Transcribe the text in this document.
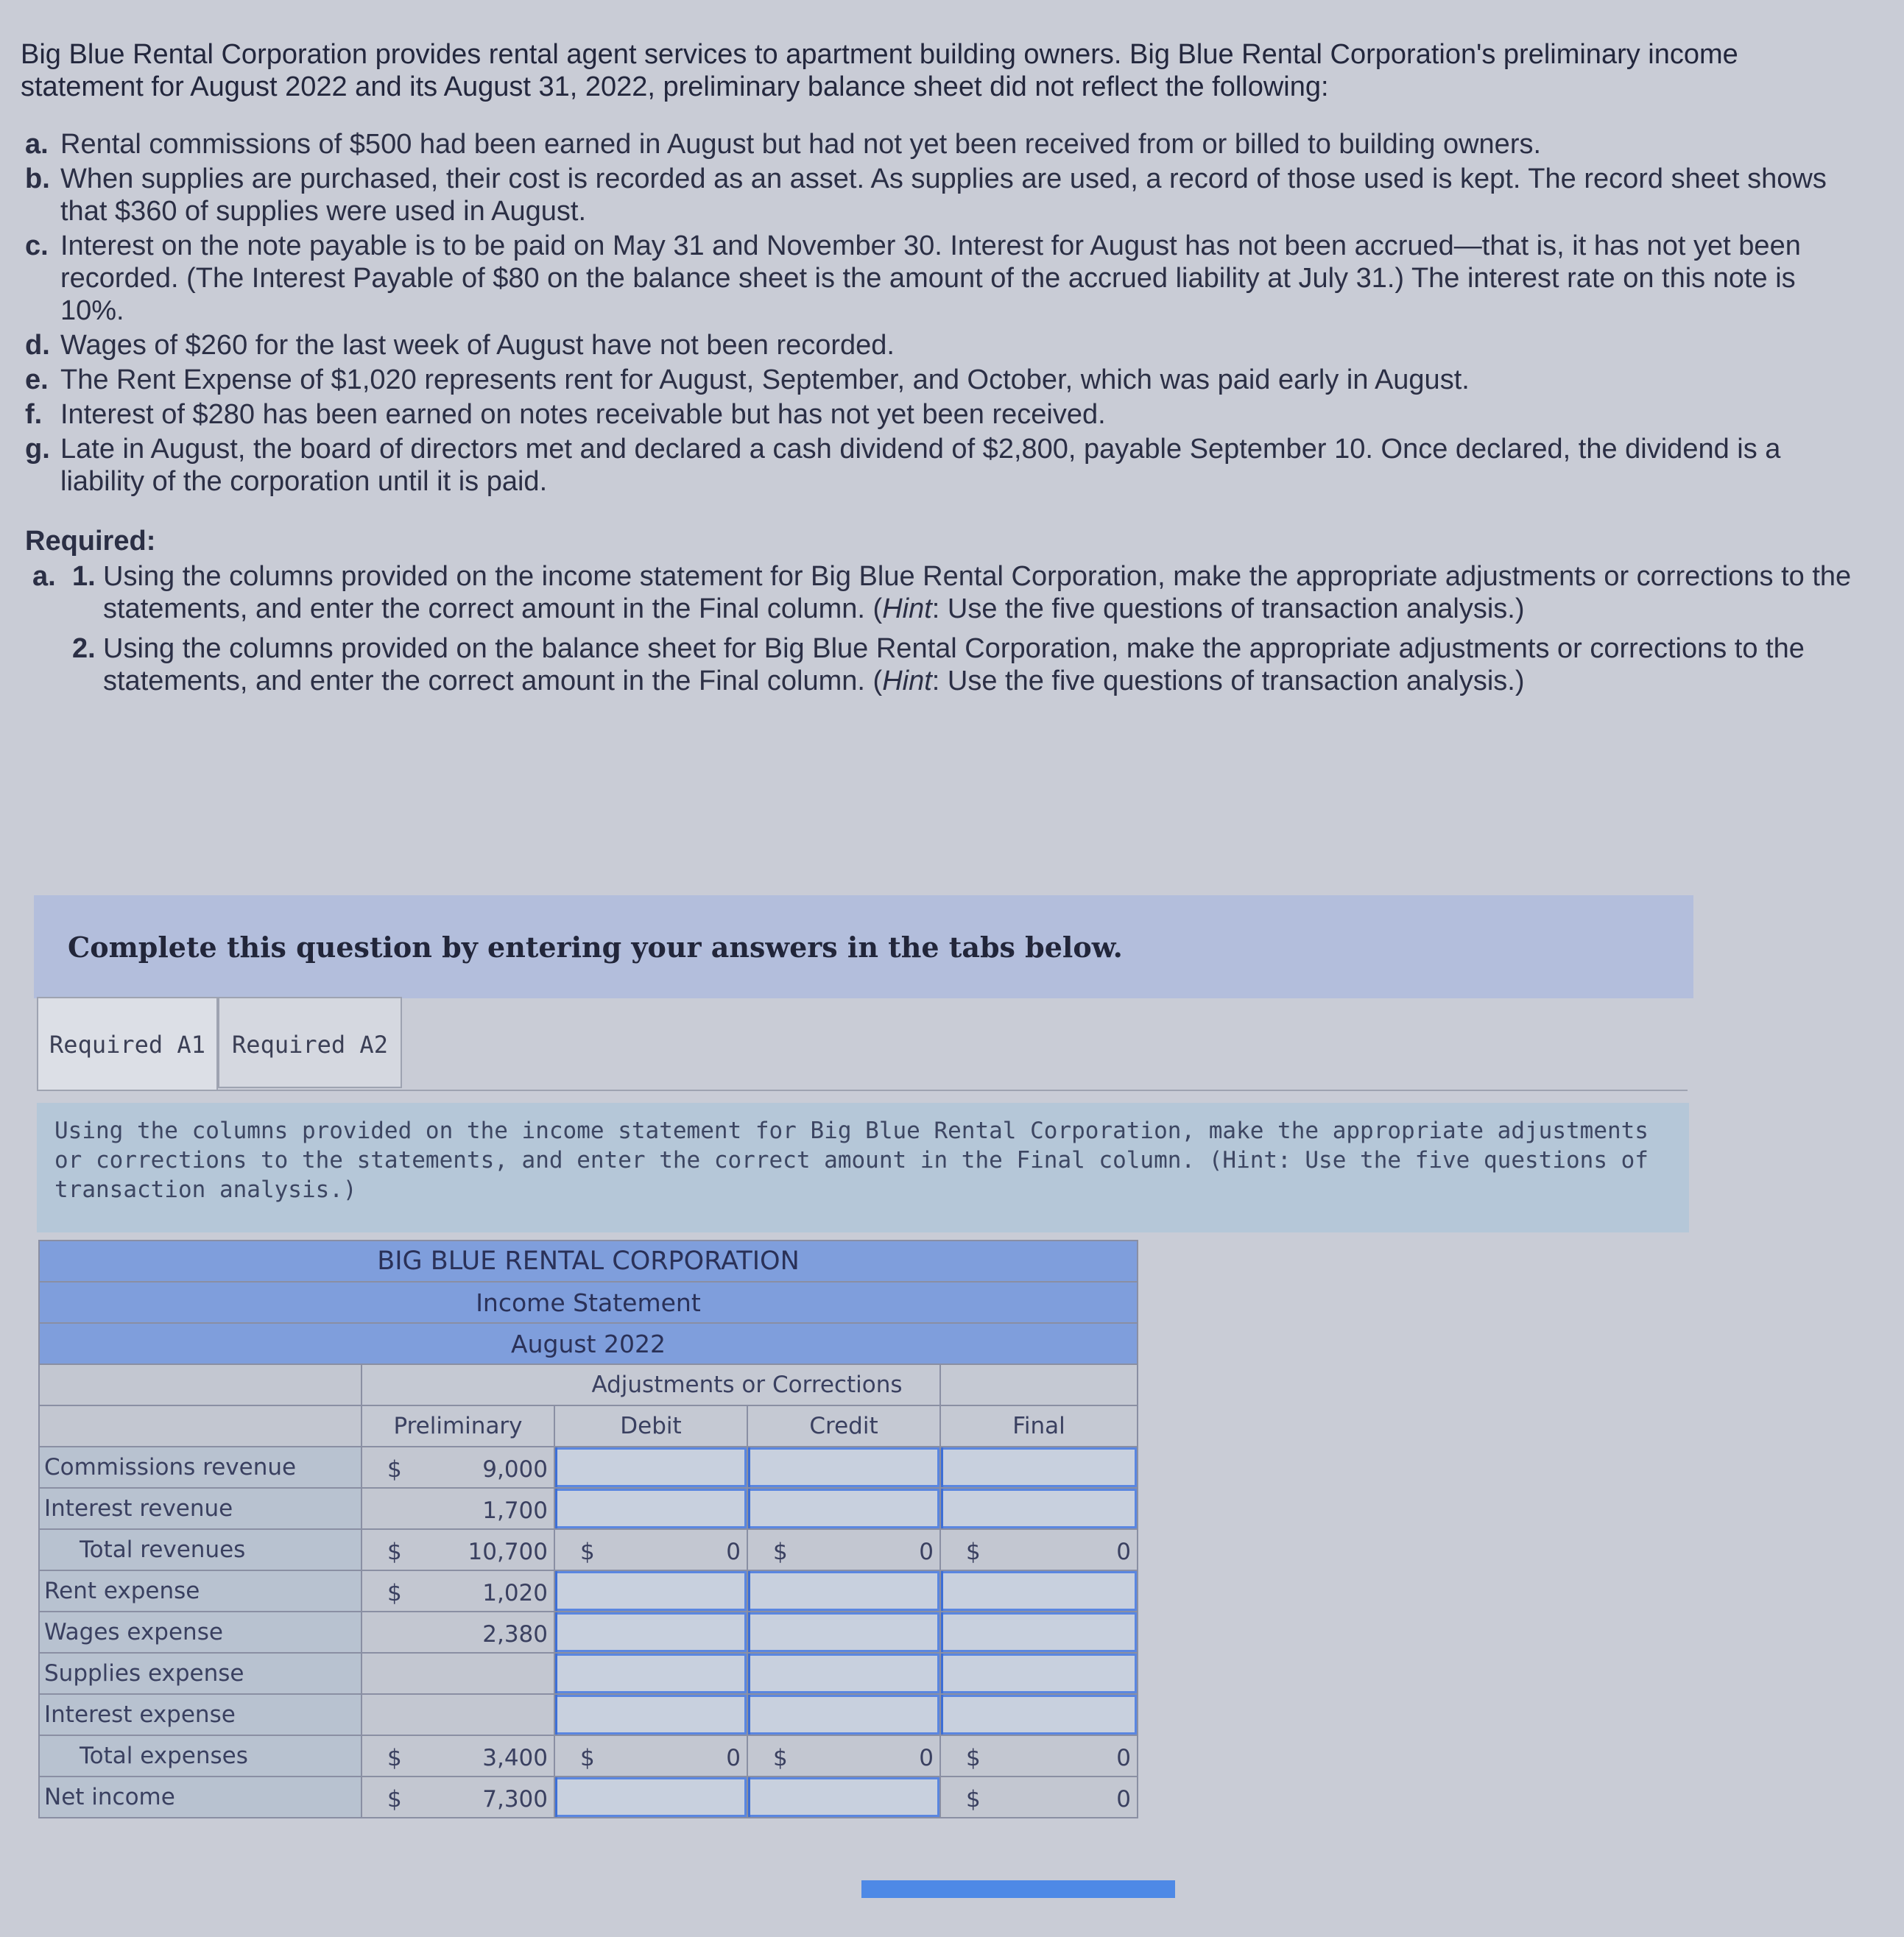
Big Blue Rental Corporation provides rental agent services to apartment building owners. Big Blue Rental Corporation's preliminary income statement for August 2022 and its August 31, 2022, preliminary balance sheet did not reflect the following:

a. Rental commissions of $500 had been earned in August but had not yet been received from or billed to building owners.
b. When supplies are purchased, their cost is recorded as an asset. As supplies are used, a record of those used is kept. The record sheet shows that $360 of supplies were used in August.
c. Interest on the note payable is to be paid on May 31 and November 30. Interest for August has not been accrued—that is, it has not yet been recorded. (The Interest Payable of $80 on the balance sheet is the amount of the accrued liability at July 31.) The interest rate on this note is 10%.
d. Wages of $260 for the last week of August have not been recorded.
e. The Rent Expense of $1,020 represents rent for August, September, and October, which was paid early in August.
f. Interest of $280 has been earned on notes receivable but has not yet been received.
g. Late in August, the board of directors met and declared a cash dividend of $2,800, payable September 10. Once declared, the dividend is a liability of the corporation until it is paid.
Required:
a. 1. Using the columns provided on the income statement for Big Blue Rental Corporation, make the appropriate adjustments or corrections to the statements, and enter the correct amount in the Final column. (Hint: Use the five questions of transaction analysis.)
2. Using the columns provided on the balance sheet for Big Blue Rental Corporation, make the appropriate adjustments or corrections to the statements, and enter the correct amount in the Final column. (Hint: Use the five questions of transaction analysis.)
Complete this question by entering your answers in the tabs below.
Required A1	Required A2

Using the columns provided on the income statement for Big Blue Rental Corporation, make the appropriate adjustments or corrections to the statements, and enter the correct amount in the Final column. (Hint: Use the five questions of transaction analysis.)

BIG BLUE RENTAL CORPORATION				
Income Statement				
August 2022				
		Adjustments or Corrections		
	Preliminary	Debit	Credit	Final
Commissions revenue	$ 9,000			

Interest revenue	1,700			

Total revenues	$ 10,700	$ 0	$ 0	$ 0

Rent expense	$ 1,020			

Wages expense	2,380			

Supplies expense				
Interest expense				
Total expenses	$ 3,400	$ 0	$ 0	$ 0

Net income	$ 7,300			$ 0
